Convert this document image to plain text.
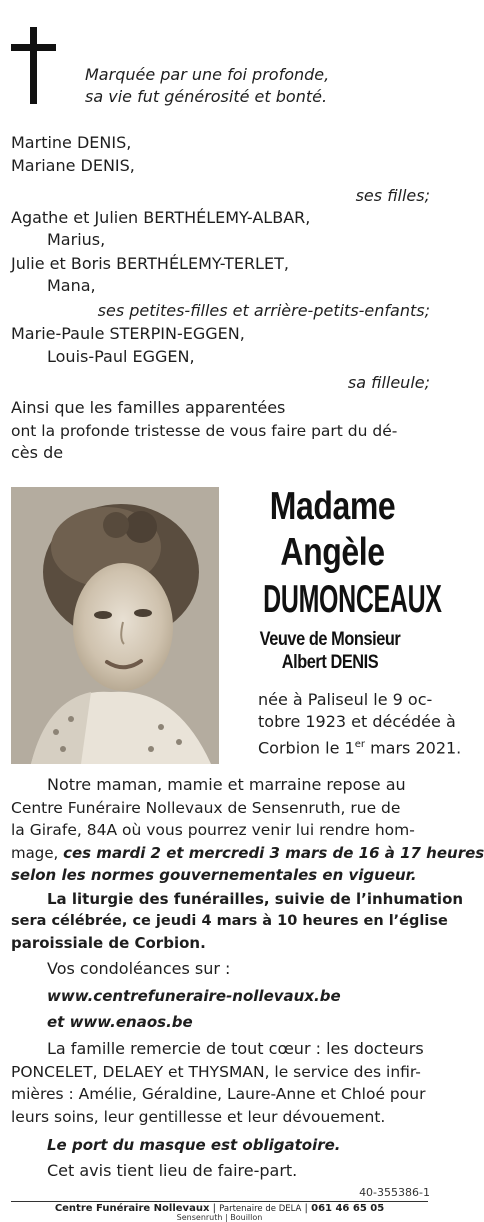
Marquée par une foi profonde,
sa vie fut générosité et bonté.
Martine DENIS,
Mariane DENIS,
ses filles;
Agathe et Julien BERTHÉLEMY-ALBAR,
Marius,
Julie et Boris BERTHÉLEMY-TERLET,
Mana,
ses petites-filles et arrière-petits-enfants;
Marie-Paule STERPIN-EGGEN,
Louis-Paul EGGEN,
sa filleule;
Ainsi que les familles apparentées
ont la profonde tristesse de vous faire part du dé-
cès de
Madame
Angèle
DUMONCEAUX
Veuve de Monsieur
Albert DENIS
née à Paliseul le 9 oc-
tobre 1923 et décédée à
Corbion le 1er mars 2021.
Notre maman, mamie et marraine repose au
Centre Funéraire Nollevaux de Sensenruth, rue de
la Girafe, 84A où vous pourrez venir lui rendre hom-
mage, ces mardi 2 et mercredi 3 mars de 16 à 17 heures
selon les normes gouvernementales en vigueur.
La liturgie des funérailles, suivie de l’inhumation
sera célébrée, ce jeudi 4 mars à 10 heures en l’église
paroissiale de Corbion.
Vos condoléances sur :
www.centrefuneraire-nollevaux.be
et www.enaos.be
La famille remercie de tout cœur : les docteurs
PONCELET, DELAEY et THYSMAN, le service des infir-
mières : Amélie, Géraldine, Laure-Anne et Chloé pour
leurs soins, leur gentillesse et leur dévouement.
Le port du masque est obligatoire.
Cet avis tient lieu de faire-part.
40-355386-1
Centre Funéraire Nollevaux | Partenaire de DELA | 061 46 65 05
Sensenruth | Bouillon
